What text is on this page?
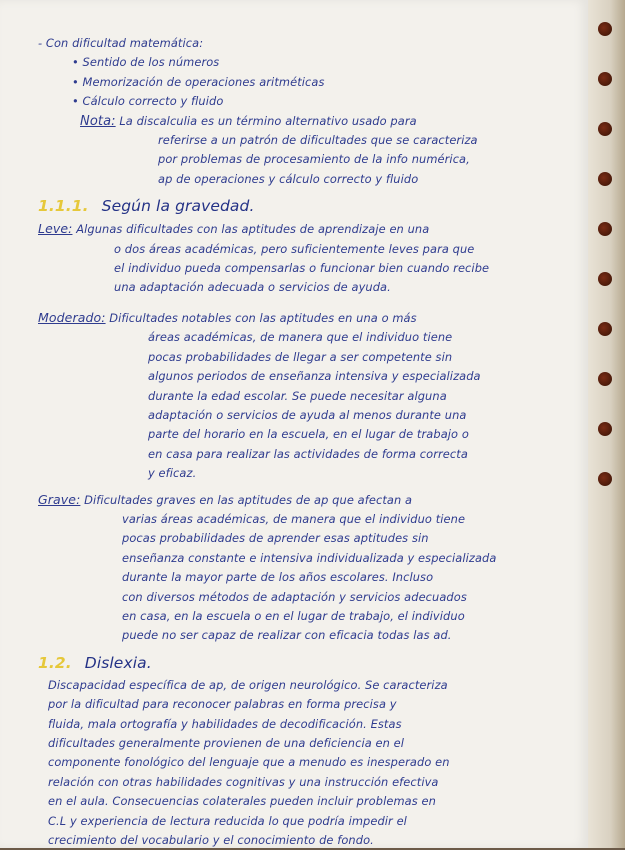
- Con dificultad matemática:
• Sentido de los números
• Memorización de operaciones aritméticas
• Cálculo correcto y fluido
Nota: La discalculia es un término alternativo usado para
referirse a un patrón de dificultades que se caracteriza
por problemas de procesamiento de la info numérica,
ap de operaciones y cálculo correcto y fluido
1.1.1. Según la gravedad.
Leve: Algunas dificultades con las aptitudes de aprendizaje en una
o dos áreas académicas, pero suficientemente leves para que
el individuo pueda compensarlas o funcionar bien cuando recibe
una adaptación adecuada o servicios de ayuda.
Moderado: Dificultades notables con las aptitudes en una o más
áreas académicas, de manera que el individuo tiene
pocas probabilidades de llegar a ser competente sin
algunos periodos de enseñanza intensiva y especializada
durante la edad escolar. Se puede necesitar alguna
adaptación o servicios de ayuda al menos durante una
parte del horario en la escuela, en el lugar de trabajo o
en casa para realizar las actividades de forma correcta
y eficaz.
Grave: Dificultades graves en las aptitudes de ap que afectan a
varias áreas académicas, de manera que el individuo tiene
pocas probabilidades de aprender esas aptitudes sin
enseñanza constante e intensiva individualizada y especializada
durante la mayor parte de los años escolares. Incluso
con diversos métodos de adaptación y servicios adecuados
en casa, en la escuela o en el lugar de trabajo, el individuo
puede no ser capaz de realizar con eficacia todas las ad.
1.2. Dislexia.
Discapacidad específica de ap, de origen neurológico. Se caracteriza
por la dificultad para reconocer palabras en forma precisa y
fluida, mala ortografía y habilidades de decodificación. Estas
dificultades generalmente provienen de una deficiencia en el
componente fonológico del lenguaje que a menudo es inesperado en
relación con otras habilidades cognitivas y una instrucción efectiva
en el aula. Consecuencias colaterales pueden incluir problemas en
C.L y experiencia de lectura reducida lo que podría impedir el
crecimiento del vocabulario y el conocimiento de fondo.
